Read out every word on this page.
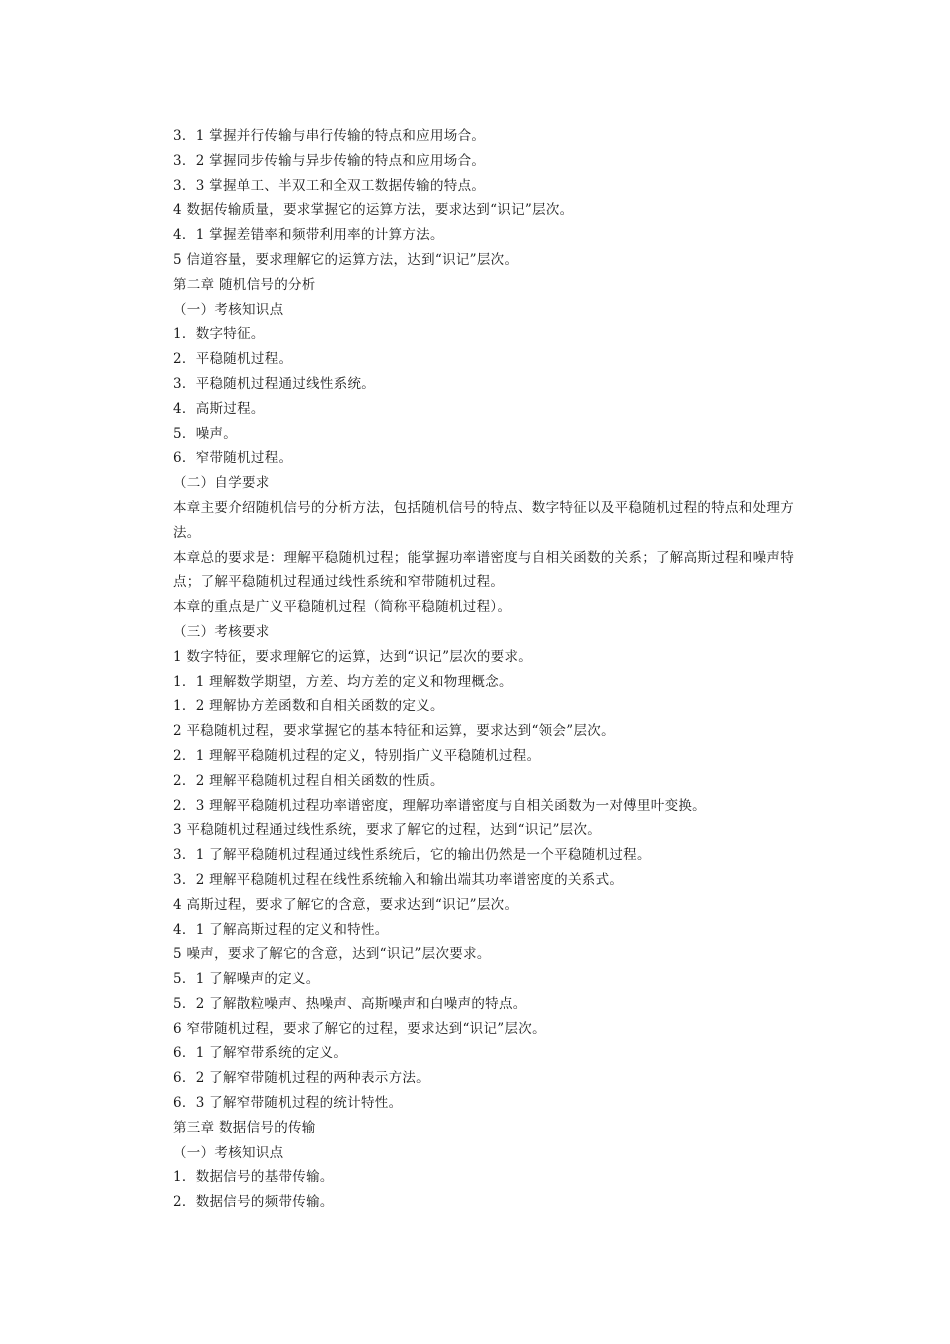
3．1 掌握并行传输与串行传输的特点和应用场合。
3．2 掌握同步传输与异步传输的特点和应用场合。
3．3 掌握单工、半双工和全双工数据传输的特点。
4 数据传输质量，要求掌握它的运算方法，要求达到“识记”层次。
4．1 掌握差错率和频带利用率的计算方法。
5 信道容量，要求理解它的运算方法，达到“识记”层次。
第二章 随机信号的分析
（一）考核知识点
1．数字特征。
2．平稳随机过程。
3．平稳随机过程通过线性系统。
4．高斯过程。
5．噪声。
6．窄带随机过程。
（二）自学要求
本章主要介绍随机信号的分析方法，包括随机信号的特点、数字特征以及平稳随机过程的特点和处理方法。
本章总的要求是：理解平稳随机过程；能掌握功率谱密度与自相关函数的关系；了解高斯过程和噪声特点；了解平稳随机过程通过线性系统和窄带随机过程。
本章的重点是广义平稳随机过程（简称平稳随机过程）。
（三）考核要求
1 数字特征，要求理解它的运算，达到“识记”层次的要求。
1．1 理解数学期望，方差、均方差的定义和物理概念。
1．2 理解协方差函数和自相关函数的定义。
2 平稳随机过程，要求掌握它的基本特征和运算，要求达到“领会”层次。
2．1 理解平稳随机过程的定义，特别指广义平稳随机过程。
2．2 理解平稳随机过程自相关函数的性质。
2．3 理解平稳随机过程功率谱密度，理解功率谱密度与自相关函数为一对傅里叶变换。
3 平稳随机过程通过线性系统，要求了解它的过程，达到“识记”层次。
3．1 了解平稳随机过程通过线性系统后，它的输出仍然是一个平稳随机过程。
3．2 理解平稳随机过程在线性系统输入和输出端其功率谱密度的关系式。
4 高斯过程，要求了解它的含意，要求达到“识记”层次。
4．1 了解高斯过程的定义和特性。
5 噪声，要求了解它的含意，达到“识记”层次要求。
5．1 了解噪声的定义。
5．2 了解散粒噪声、热噪声、高斯噪声和白噪声的特点。
6 窄带随机过程，要求了解它的过程，要求达到“识记”层次。
6．1 了解窄带系统的定义。
6．2 了解窄带随机过程的两种表示方法。
6．3 了解窄带随机过程的统计特性。
第三章 数据信号的传输
（一）考核知识点
1．数据信号的基带传输。
2．数据信号的频带传输。
